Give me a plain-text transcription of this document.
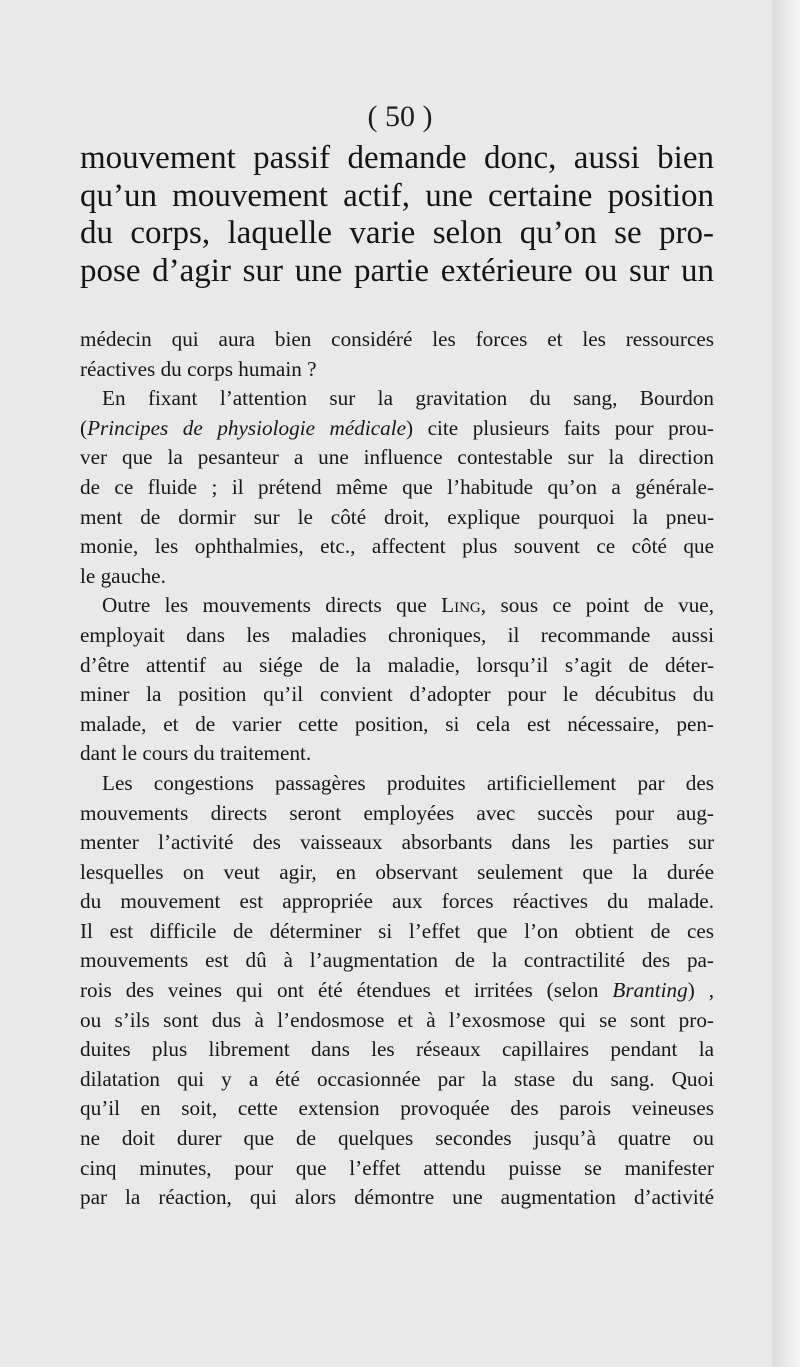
( 50 )
mouvement passif demande donc, aussi bien
qu’un mouvement actif, une certaine position
du corps, laquelle varie selon qu’on se pro-
pose d’agir sur une partie extérieure ou sur un
médecin qui aura bien considéré les forces et les ressources
réactives du corps humain ?
En fixant l’attention sur la gravitation du sang, Bourdon
(Principes de physiologie médicale) cite plusieurs faits pour prou-
ver que la pesanteur a une influence contestable sur la direction
de ce fluide ; il prétend même que l’habitude qu’on a générale-
ment de dormir sur le côté droit, explique pourquoi la pneu-
monie, les ophthalmies, etc., affectent plus souvent ce côté que
le gauche.
Outre les mouvements directs que Ling, sous ce point de vue,
employait dans les maladies chroniques, il recommande aussi
d’être attentif au siége de la maladie, lorsqu’il s’agit de déter-
miner la position qu’il convient d’adopter pour le décubitus du
malade, et de varier cette position, si cela est nécessaire, pen-
dant le cours du traitement.
Les congestions passagères produites artificiellement par des
mouvements directs seront employées avec succès pour aug-
menter l’activité des vaisseaux absorbants dans les parties sur
lesquelles on veut agir, en observant seulement que la durée
du mouvement est appropriée aux forces réactives du malade.
Il est difficile de déterminer si l’effet que l’on obtient de ces
mouvements est dû à l’augmentation de la contractilité des pa-
rois des veines qui ont été étendues et irritées (selon Branting) ,
ou s’ils sont dus à l’endosmose et à l’exosmose qui se sont pro-
duites plus librement dans les réseaux capillaires pendant la
dilatation qui y a été occasionnée par la stase du sang. Quoi
qu’il en soit, cette extension provoquée des parois veineuses
ne doit durer que de quelques secondes jusqu’à quatre ou
cinq minutes, pour que l’effet attendu puisse se manifester
par la réaction, qui alors démontre une augmentation d’activité
